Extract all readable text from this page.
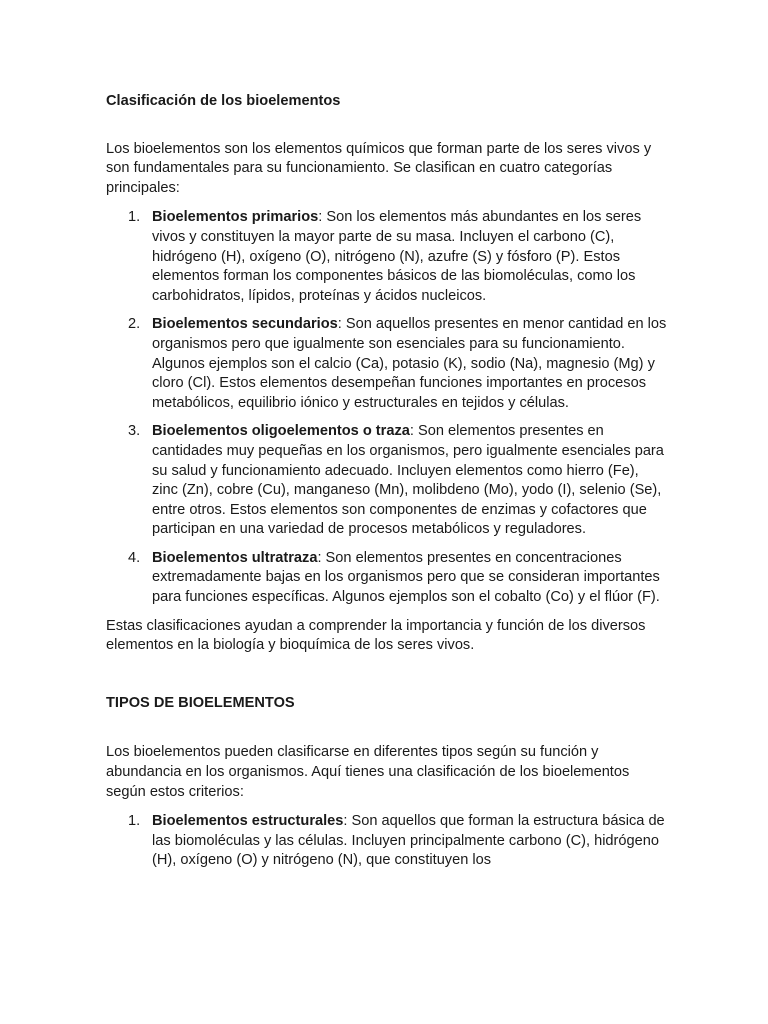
Clasificación de los bioelementos

Los bioelementos son los elementos químicos que forman parte de los seres vivos y son fundamentales para su funcionamiento. Se clasifican en cuatro categorías principales:

1. Bioelementos primarios: Son los elementos más abundantes en los seres vivos y constituyen la mayor parte de su masa. Incluyen el carbono (C), hidrógeno (H), oxígeno (O), nitrógeno (N), azufre (S) y fósforo (P). Estos elementos forman los componentes básicos de las biomoléculas, como los carbohidratos, lípidos, proteínas y ácidos nucleicos.
2. Bioelementos secundarios: Son aquellos presentes en menor cantidad en los organismos pero que igualmente son esenciales para su funcionamiento. Algunos ejemplos son el calcio (Ca), potasio (K), sodio (Na), magnesio (Mg) y cloro (Cl). Estos elementos desempeñan funciones importantes en procesos metabólicos, equilibrio iónico y estructurales en tejidos y células.
3. Bioelementos oligoelementos o traza: Son elementos presentes en cantidades muy pequeñas en los organismos, pero igualmente esenciales para su salud y funcionamiento adecuado. Incluyen elementos como hierro (Fe), zinc (Zn), cobre (Cu), manganeso (Mn), molibdeno (Mo), yodo (I), selenio (Se), entre otros. Estos elementos son componentes de enzimas y cofactores que participan en una variedad de procesos metabólicos y reguladores.
4. Bioelementos ultratraza: Son elementos presentes en concentraciones extremadamente bajas en los organismos pero que se consideran importantes para funciones específicas. Algunos ejemplos son el cobalto (Co) y el flúor (F).

Estas clasificaciones ayudan a comprender la importancia y función de los diversos elementos en la biología y bioquímica de los seres vivos.

TIPOS DE BIOELEMENTOS

Los bioelementos pueden clasificarse en diferentes tipos según su función y abundancia en los organismos. Aquí tienes una clasificación de los bioelementos según estos criterios:

1. Bioelementos estructurales: Son aquellos que forman la estructura básica de las biomoléculas y las células. Incluyen principalmente carbono (C), hidrógeno (H), oxígeno (O) y nitrógeno (N), que constituyen los
